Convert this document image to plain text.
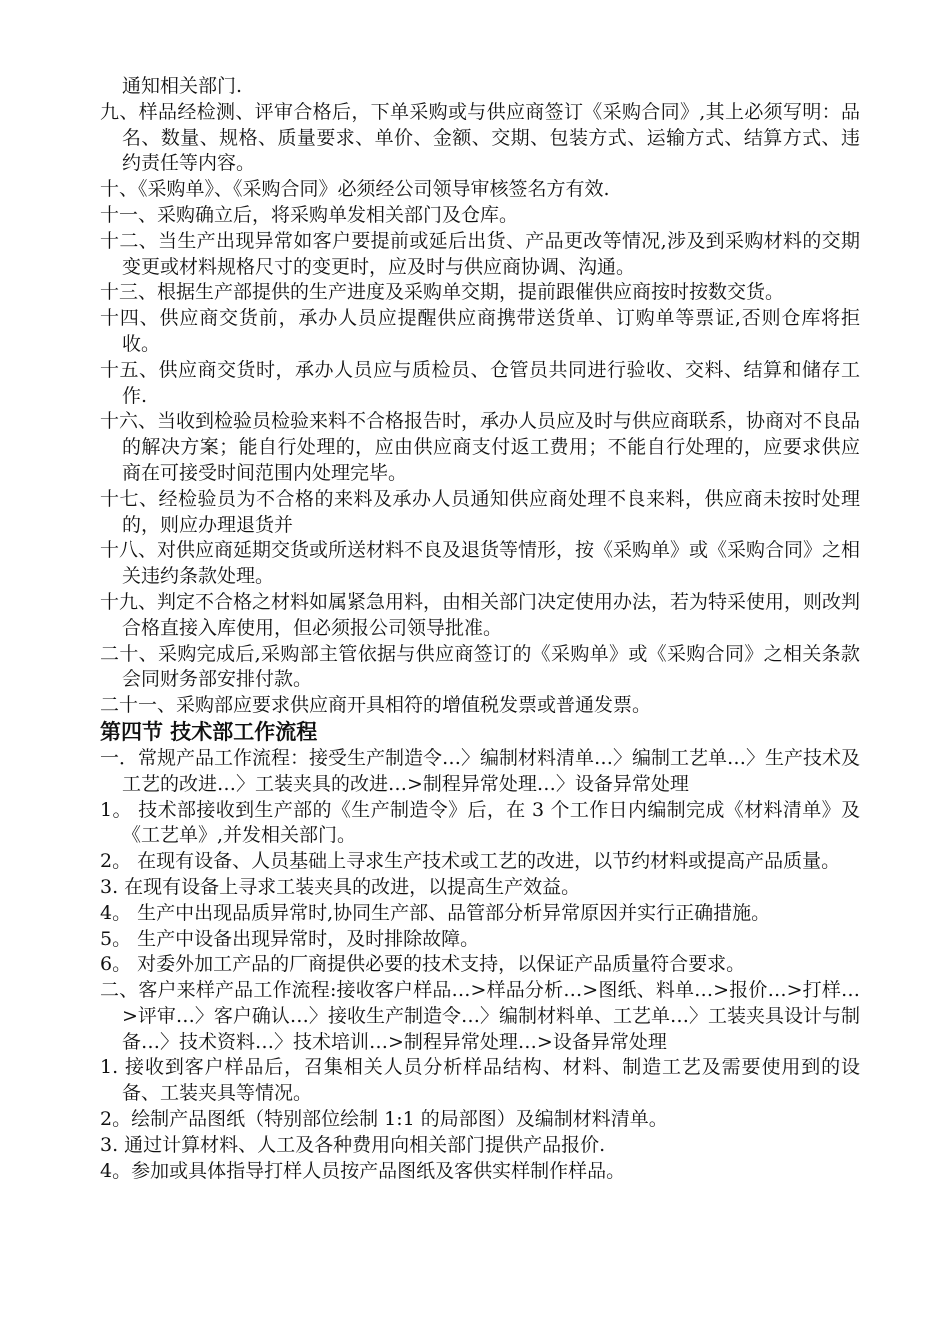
通知相关部门.

九、样品经检测、评审合格后，下单采购或与供应商签订《采购合同》,其上必须写明：品名、数量、规格、质量要求、单价、金额、交期、包装方式、运输方式、结算方式、违约责任等内容。

十、《采购单》、《采购合同》必须经公司领导审核签名方有效.

十一、采购确立后，将采购单发相关部门及仓库。

十二、当生产出现异常如客户要提前或延后出货、产品更改等情况,涉及到采购材料的交期变更或材料规格尺寸的变更时，应及时与供应商协调、沟通。

十三、根据生产部提供的生产进度及采购单交期，提前跟催供应商按时按数交货。

十四、供应商交货前，承办人员应提醒供应商携带送货单、订购单等票证,否则仓库将拒收。

十五、供应商交货时，承办人员应与质检员、仓管员共同进行验收、交料、结算和储存工作.

十六、当收到检验员检验来料不合格报告时，承办人员应及时与供应商联系，协商对不良品的解决方案；能自行处理的，应由供应商支付返工费用；不能自行处理的，应要求供应商在可接受时间范围内处理完毕。

十七、经检验员为不合格的来料及承办人员通知供应商处理不良来料，供应商未按时处理的，则应办理退货并

十八、对供应商延期交货或所送材料不良及退货等情形，按《采购单》或《采购合同》之相关违约条款处理。

十九、判定不合格之材料如属紧急用料，由相关部门决定使用办法，若为特采使用，则改判合格直接入库使用，但必须报公司领导批准。

二十、采购完成后,采购部主管依据与供应商签订的《采购单》或《采购合同》之相关条款会同财务部安排付款。

二十一、采购部应要求供应商开具相符的增值税发票或普通发票。

第四节 技术部工作流程

一．常规产品工作流程：接受生产制造令…〉编制材料清单…〉编制工艺单…〉生产技术及工艺的改进…〉工装夹具的改进…>制程异常处理…〉设备异常处理

1。 技术部接收到生产部的《生产制造令》后，在 3 个工作日内编制完成《材料清单》及《工艺单》,并发相关部门。

2。 在现有设备、人员基础上寻求生产技术或工艺的改进，以节约材料或提高产品质量。

3. 在现有设备上寻求工装夹具的改进，以提高生产效益。

4。 生产中出现品质异常时,协同生产部、品管部分析异常原因并实行正确措施。

5。 生产中设备出现异常时，及时排除故障。

6。 对委外加工产品的厂商提供必要的技术支持，以保证产品质量符合要求。

二、客户来样产品工作流程:接收客户样品…>样品分析…>图纸、料单…>报价…>打样…>评审…〉客户确认…〉接收生产制造令…〉编制材料单、工艺单…〉工装夹具设计与制备…〉技术资料…〉技术培训…>制程异常处理…>设备异常处理

1. 接收到客户样品后，召集相关人员分析样品结构、材料、制造工艺及需要使用到的设备、工装夹具等情况。

2。绘制产品图纸（特别部位绘制 1:1 的局部图）及编制材料清单。

3. 通过计算材料、人工及各种费用向相关部门提供产品报价.

4。参加或具体指导打样人员按产品图纸及客供实样制作样品。
